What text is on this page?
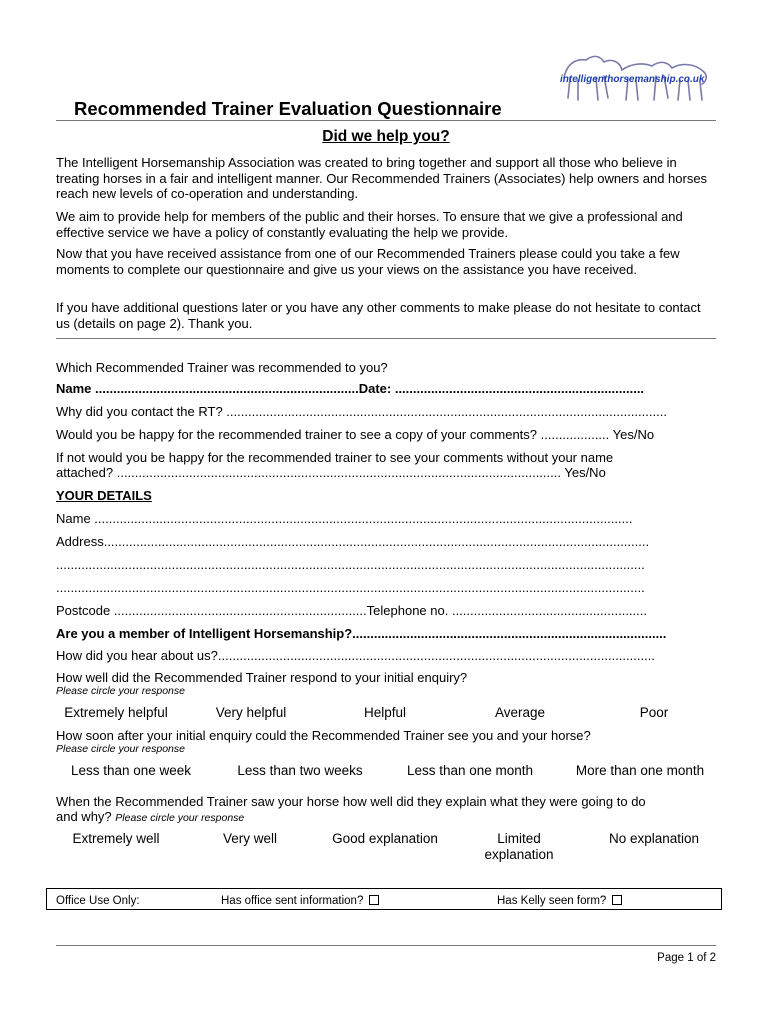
intelligenthorsemanship.co.uk
Recommended Trainer Evaluation Questionnaire
Did we help you?
The Intelligent Horsemanship Association was created to bring together and support all those who believe in treating horses in a fair and intelligent manner. Our Recommended Trainers (Associates) help owners and horses reach new levels of co-operation and understanding.
We aim to provide help for members of the public and their horses. To ensure that we give a professional and effective service we have a policy of constantly evaluating the help we provide.
Now that you have received assistance from one of our Recommended Trainers please could you take a few moments to complete our questionnaire and give us your views on the assistance you have received.
If you have additional questions later or you have any other comments to make please do not hesitate to contact us (details on page 2). Thank you.
Which Recommended Trainer was recommended to you?
Name .........................................................................Date: .....................................................................
Why did you contact the RT? ..........................................................................................................................
Would you be happy for the recommended trainer to see a copy of your comments? ................... Yes/No
If not would you be happy for the recommended trainer to see your comments without your name
attached? ........................................................................................................................... Yes/No
YOUR DETAILS
Name .....................................................................................................................................................
Address.......................................................................................................................................................
...................................................................................................................................................................
...................................................................................................................................................................
Postcode ......................................................................Telephone no. ......................................................
Are you a member of Intelligent Horsemanship?.......................................................................................
How did you hear about us?.........................................................................................................................
How well did the Recommended Trainer respond to your initial enquiry?
Please circle your response
Extremely helpful	Very helpful	Helpful	Average	Poor
How soon after your initial enquiry could the Recommended Trainer see you and your horse?
Please circle your response
Less than one week	Less than two weeks	Less than one month	More than one month
When the Recommended Trainer saw your horse how well did they explain what they were going to do
and why? Please circle your response
Extremely well	Very well	Good explanation	Limited explanation
No explanation
Office Use Only:	Has office sent information?	Has Kelly seen form?
Page 1 of 2
